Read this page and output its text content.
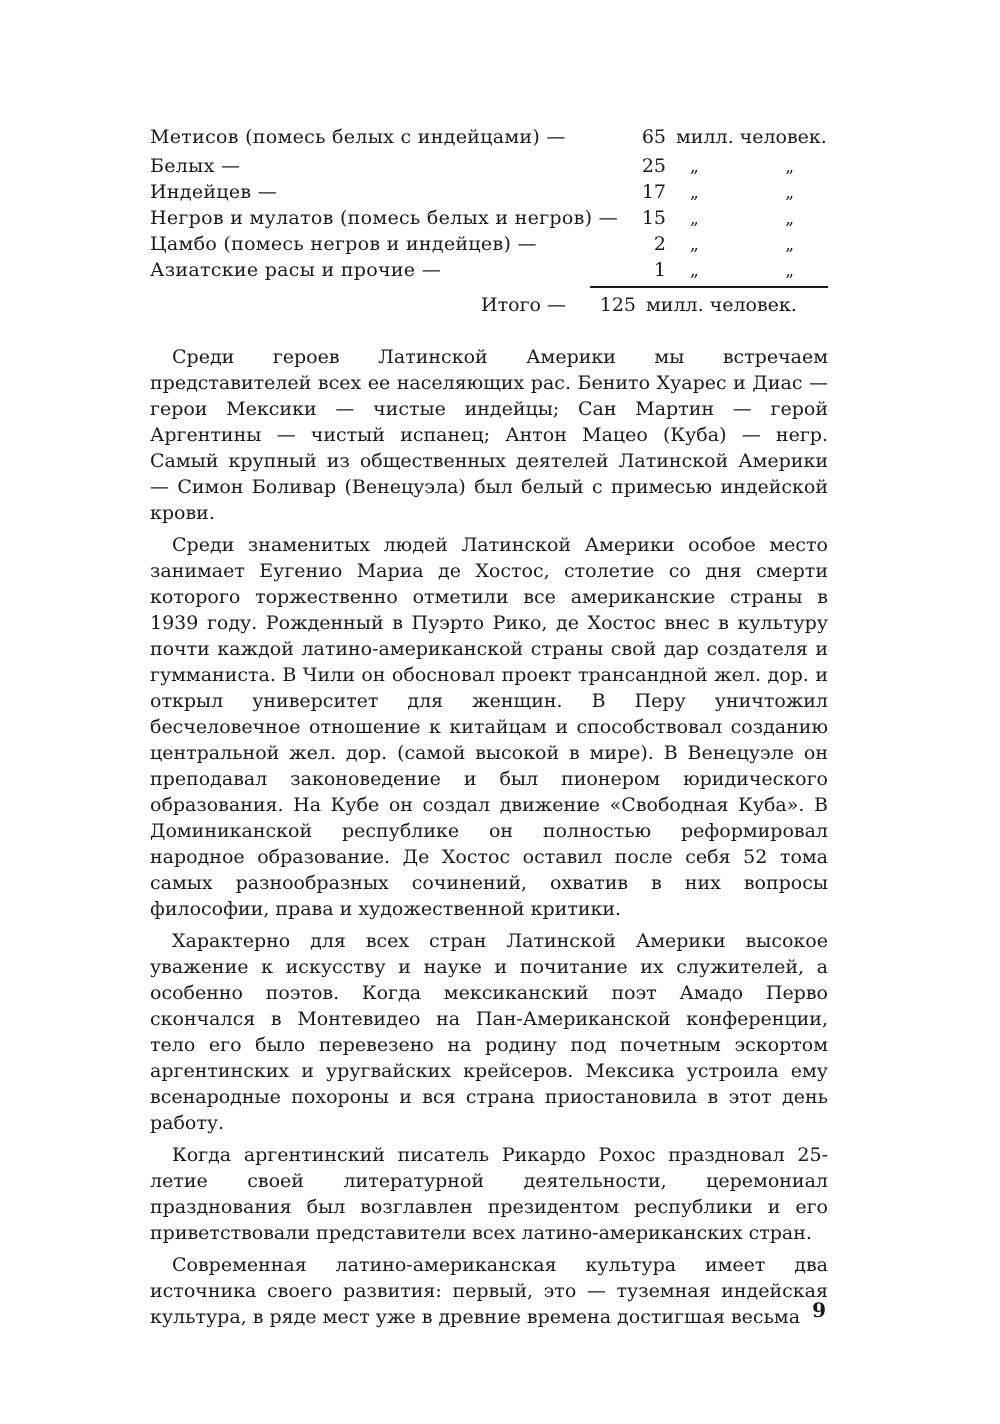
Метисов (помесь белых с индейцами) —	65 милл. человек.
Белых —	25 „	„
Индейцев —	17 „	„
Негров и мулатов (помесь белых и негров) —	15 „	„
Цамбо (помесь негров и индейцев) —	2 „	„
Азиатские расы и прочие —	1 „	„
Итого —	125 милл. человек.

Среди героев Латинской Америки мы встречаем представителей всех ее населяющих рас. Бенито Хуарес и Диас — герои Мексики — чистые индейцы; Сан Мартин — герой Аргентины — чистый испанец; Антон Мацео (Куба) — негр. Самый крупный из общественных деятелей Латинской Америки — Симон Боливар (Венецуэла) был белый с примесью индейской крови.

Среди знаменитых людей Латинской Америки особое место занимает Еугенио Мариа де Хостос, столетие со дня смерти которого торжественно отметили все американские страны в 1939 году. Рожденный в Пуэрто Рико, де Хостос внес в культуру почти каждой латино-американской страны свой дар создателя и гумманиста. В Чили он обосновал проект трансандной жел. дор. и открыл университет для женщин. В Перу уничтожил бесчеловечное отношение к китайцам и способствовал созданию центральной жел. дор. (самой высокой в мире). В Венецуэле он преподавал законоведение и был пионером юридического образования. На Кубе он создал движение «Свободная Куба». В Доминиканской республике он полностью реформировал народное образование. Де Хостос оставил после себя 52 тома самых разнообразных сочинений, охватив в них вопросы философии, права и художественной критики.

Характерно для всех стран Латинской Америки высокое уважение к искусству и науке и почитание их служителей, а особенно поэтов. Когда мексиканский поэт Амадо Перво скончался в Монтевидео на Пан-Американской конференции, тело его было перевезено на родину под почетным эскортом аргентинских и уругвайских крейсеров. Мексика устроила ему всенародные похороны и вся страна приостановила в этот день работу.

Когда аргентинский писатель Рикардо Рохос праздновал 25-летие своей литературной деятельности, церемониал празднования был возглавлен президентом республики и его приветствовали представители всех латино-американских стран.

Современная латино-американская культура имеет два источника своего развития: первый, это — туземная индейская культура, в ряде мест уже в древние времена достигшая весьма 9
